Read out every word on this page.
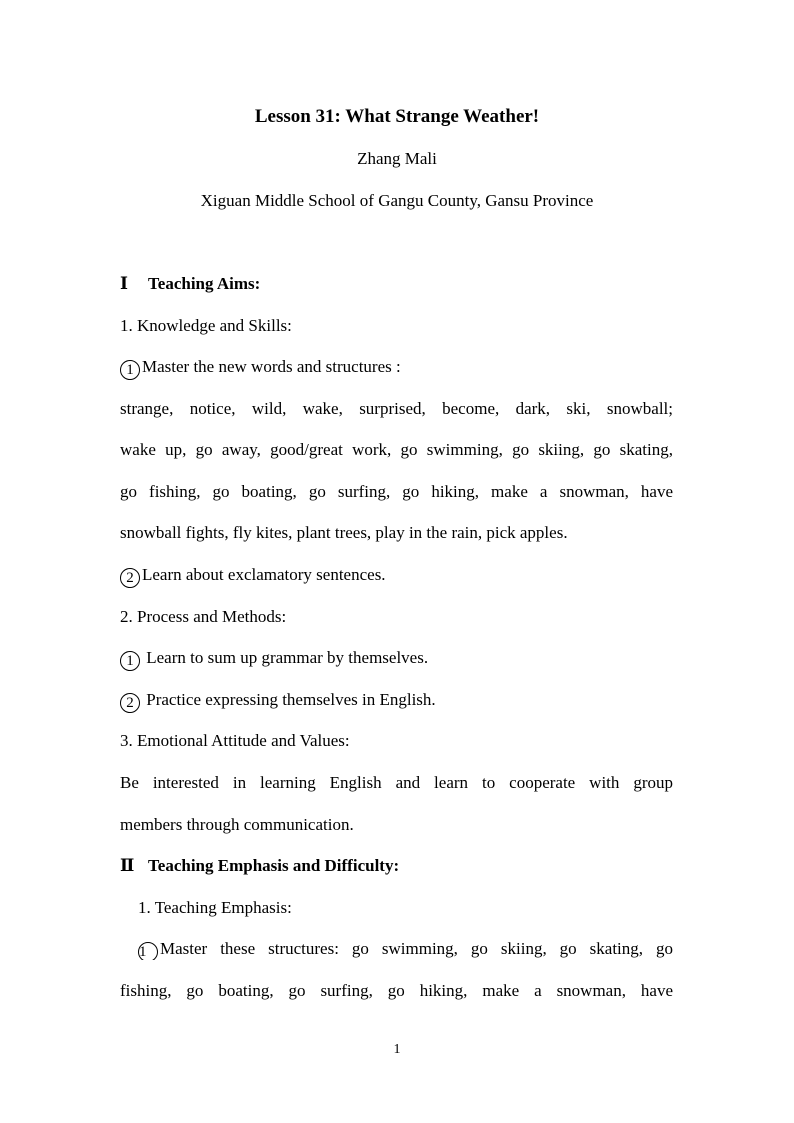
Lesson 31: What Strange Weather!
Zhang Mali
Xiguan Middle School of Gangu County, Gansu Province
Ⅰ Teaching Aims:
1. Knowledge and Skills:
1 Master the new words and structures :
strange, notice, wild, wake, surprised, become, dark, ski, snowball;
wake up, go away, good/great work, go swimming, go skiing, go skating,
go fishing, go boating, go surfing, go hiking, make a snowman, have
snowball fights, fly kites, plant trees, play in the rain, pick apples.
2 Learn about exclamatory sentences.
2. Process and Methods:
1 Learn to sum up grammar by themselves.
2 Practice expressing themselves in English.
3. Emotional Attitude and Values:
Be interested in learning English and learn to cooperate with group
members through communication.
Ⅱ Teaching Emphasis and Difficulty:
1. Teaching Emphasis:
1 Master these structures: go swimming, go skiing, go skating, go
fishing, go boating, go surfing, go hiking, make a snowman, have
1
